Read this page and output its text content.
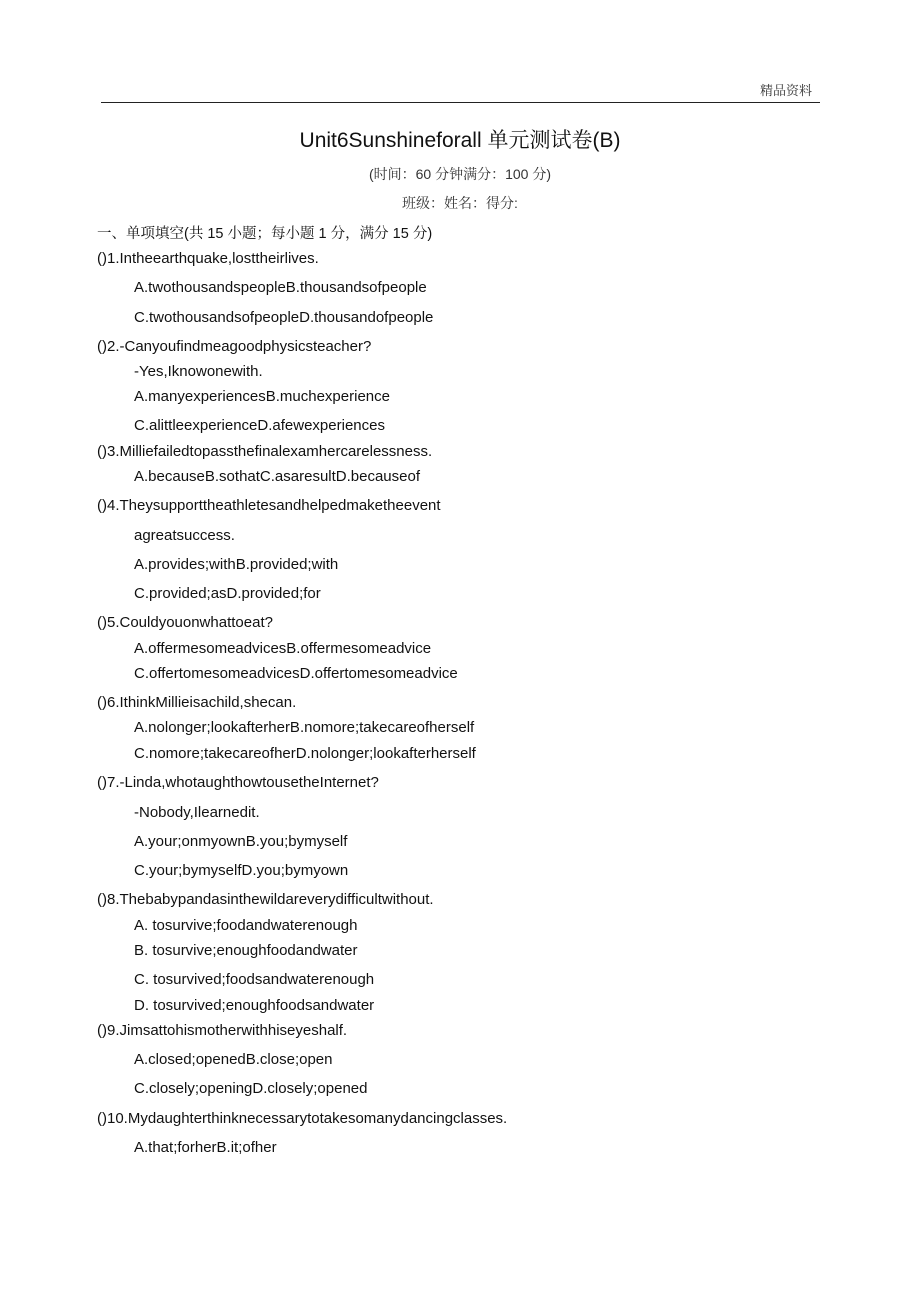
精品资料
Unit6Sunshineforall 单元测试卷(B)
(时间：60 分钟满分：100 分)
班级：姓名：得分:
一、单项填空(共 15 小题；每小题 1 分，满分 15 分)
()1.Intheearthquake,losttheirlives.
A.twothousandspeopleB.thousandsofpeople
C.twothousandsofpeopleD.thousandofpeople
()2.-Canyoufindmeagoodphysicsteacher?
-Yes,Iknowonewith.
A.manyexperiencesB.muchexperience
C.alittleexperienceD.afewexperiences
()3.Milliefailedtopassthefinalexamhercarelessness.
A.becauseB.sothatC.asaresultD.becauseof
()4.Theysupporttheathletesandhelpedmaketheevent
agreatsuccess.
A.provides;withB.provided;with
C.provided;asD.provided;for
()5.Couldyouonwhattoeat?
A.offermesomeadvicesB.offermesomeadvice
C.offertomesomeadvicesD.offertomesomeadvice
()6.IthinkMillieisachild,shecan.
A.nolonger;lookafterherB.nomore;takecareofherself
C.nomore;takecareofherD.nolonger;lookafterherself
()7.-Linda,whotaughthowtousetheInternet?
-Nobody,Ilearnedit.
A.your;onmyownB.you;bymyself
C.your;bymyselfD.you;bymyown
()8.Thebabypandasinthewildareverydifficultwithout.
A. tosurvive;foodandwaterenough
B. tosurvive;enoughfoodandwater
C. tosurvived;foodsandwaterenough
D. tosurvived;enoughfoodsandwater
()9.Jimsattohismotherwithhiseyeshalf.
A.closed;openedB.close;open
C.closely;openingD.closely;opened
()10.Mydaughterthinknecessarytotakesomanydancingclasses.
A.that;forherB.it;ofher
